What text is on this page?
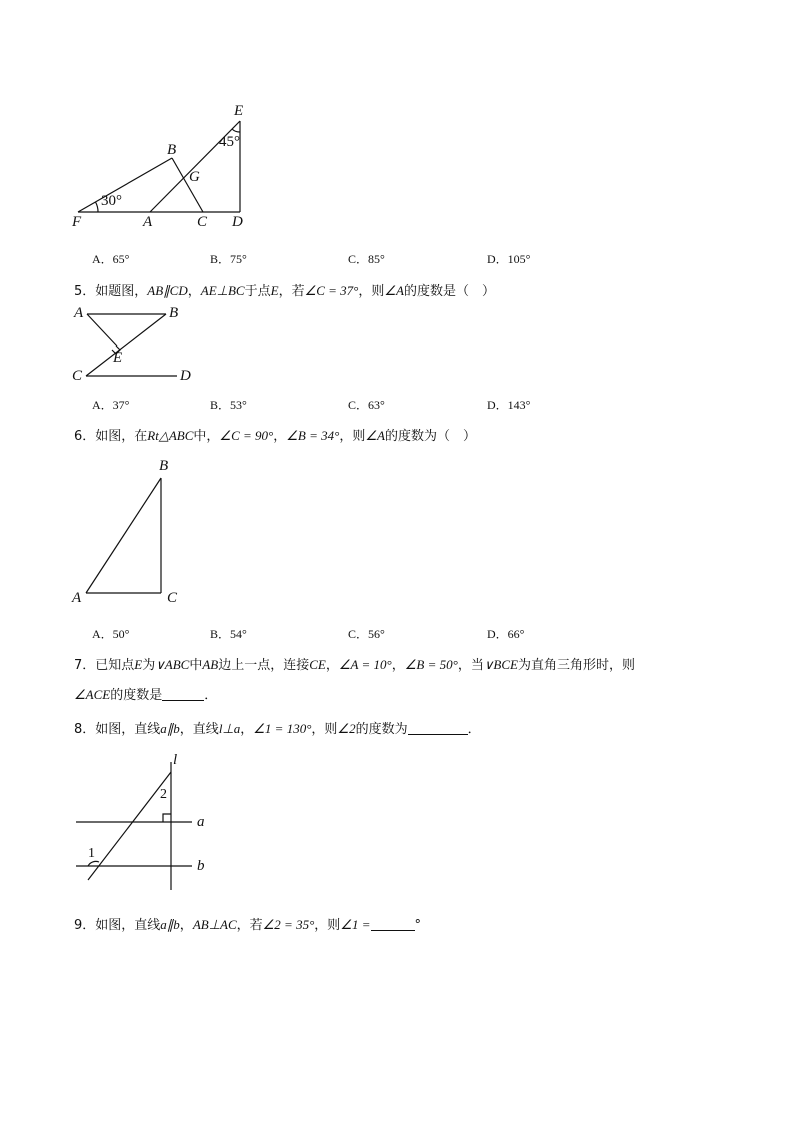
E
B
G
F	A	C D
45°
30°
A．65°	B．75°	C．85°	D．105°
5．如题图，AB∥CD，AE⊥BC于点E，若∠C = 37°，则∠A的度数是（　）
A	B
E
C	D
A．37°	B．53°	C．63°	D．143°
6．如图，在Rt△ABC中，∠C = 90°，∠B = 34°，则∠A的度数为（　）
B
A	C
A．50°	B．54°	C．56°	D．66°
7．已知点E为∨ABC中AB边上一点，连接CE，∠A = 10°，∠B = 50°，当∨BCE为直角三角形时，则
∠ACE的度数是	．
8．如图，直线a∥b，直线l⊥a，∠1 = 130°，则∠2的度数为	．
l
a
b
1
2
9．如图，直线a∥b，AB⊥AC，若∠2 = 35°，则∠1 =	°
